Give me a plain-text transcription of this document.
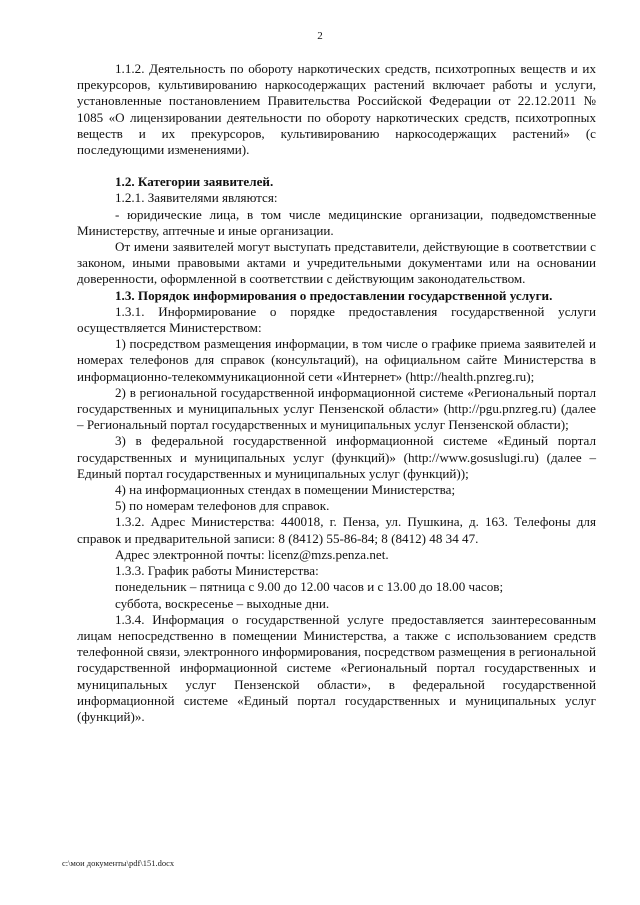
2

1.1.2. Деятельность по обороту наркотических средств, психотропных веществ и их прекурсоров, культивированию наркосодержащих растений включает работы и услуги, установленные постановлением Правительства Российской Федерации от 22.12.2011 № 1085 «О лицензировании деятельности по обороту наркотических средств, психотропных веществ и их прекурсоров, культивированию наркосодержащих растений» (с последующими изменениями).

1.2. Категории заявителей.

1.2.1. Заявителями являются:

- юридические лица, в том числе медицинские организации, подведомственные Министерству, аптечные и иные организации.

От имени заявителей могут выступать представители, действующие в соответствии с законом, иными правовыми актами и учредительными документами или на основании доверенности, оформленной в соответствии с действующим законодательством.

1.3. Порядок информирования о предоставлении государственной услуги.

1.3.1. Информирование о порядке предоставления государственной услуги осуществляется Министерством:

1) посредством размещения информации, в том числе о графике приема заявителей и номерах телефонов для справок (консультаций), на официальном сайте Министерства в информационно-телекоммуникационной сети «Интернет» (http://health.pnzreg.ru);

2) в региональной государственной информационной системе «Региональный портал государственных и муниципальных услуг Пензенской области» (http://pgu.pnzreg.ru) (далее – Региональный портал государственных и муниципальных услуг Пензенской области);

3) в федеральной государственной информационной системе «Единый портал государственных и муниципальных услуг (функций)» (http://www.gosuslugi.ru) (далее – Единый портал государственных и муниципальных услуг (функций));

4) на информационных стендах в помещении Министерства;

5) по номерам телефонов для справок.

1.3.2. Адрес Министерства: 440018, г. Пенза, ул. Пушкина, д. 163. Телефоны для справок и предварительной записи: 8 (8412) 55-86-84; 8 (8412) 48 34 47.

Адрес электронной почты: licenz@mzs.penza.net.

1.3.3. График работы Министерства:

понедельник – пятница с 9.00 до 12.00 часов и с 13.00 до 18.00 часов;

суббота, воскресенье – выходные дни.

1.3.4. Информация о государственной услуге предоставляется заинтересованным лицам непосредственно в помещении Министерства, а также с использованием средств телефонной связи, электронного информирования, посредством размещения в региональной государственной информационной системе «Региональный портал государственных и муниципальных услуг Пензенской области», в федеральной государственной информационной системе «Единый портал государственных и муниципальных услуг (функций)».

c:\мои документы\pdf\151.docx
